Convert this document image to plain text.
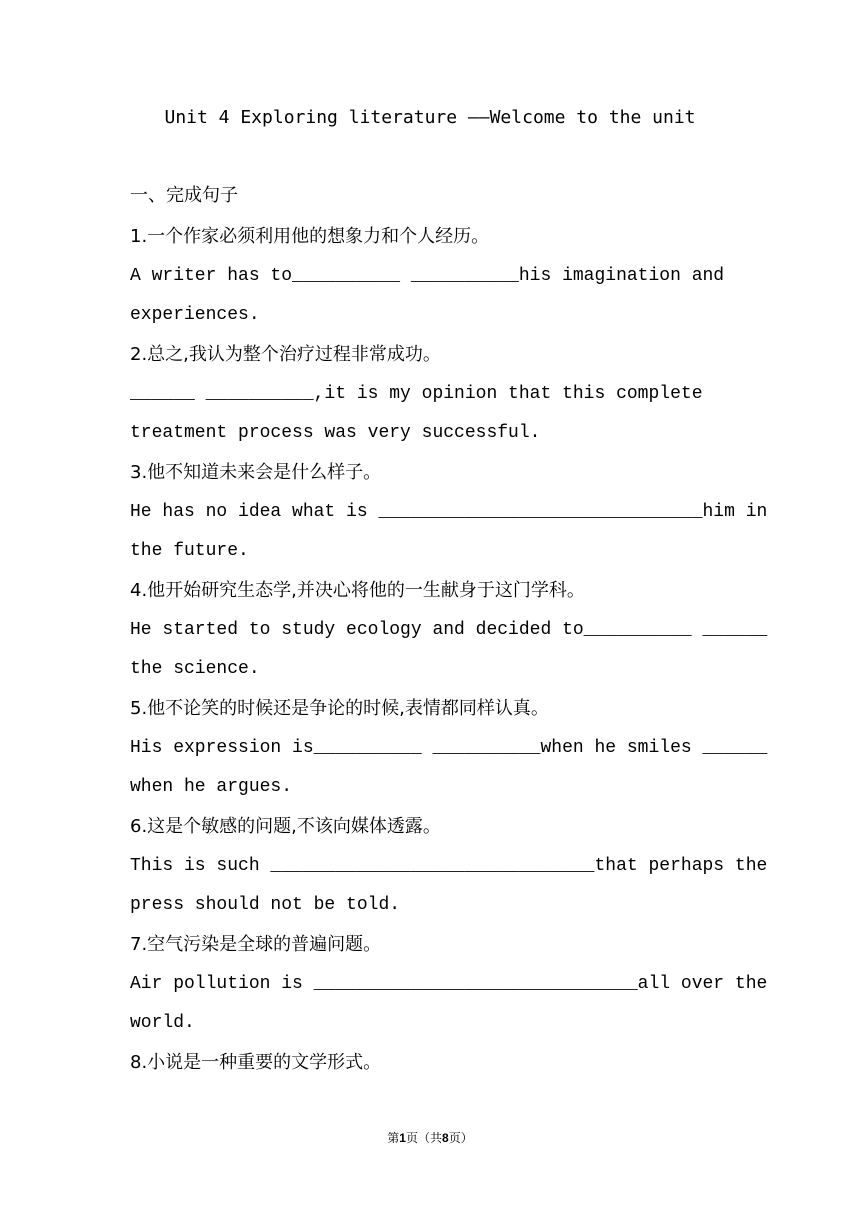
Unit 4 Exploring literature ——Welcome to the unit
一、完成句子
1.一个作家必须利用他的想象力和个人经历。
A writer has to__________ __________his imagination and
experiences.
2.总之,我认为整个治疗过程非常成功。
______ __________,it is my opinion that this complete
treatment process was very successful.
3.他不知道未来会是什么样子。
He has no idea what is ______________________________him in
the future.
4.他开始研究生态学,并决心将他的一生献身于这门学科。
He started to study ecology and decided to__________ ______
the science.
5.他不论笑的时候还是争论的时候,表情都同样认真。
His expression is__________ __________when he smiles ______
when he argues.
6.这是个敏感的问题,不该向媒体透露。
This is such ______________________________that perhaps the
press should not be told.
7.空气污染是全球的普遍问题。
Air pollution is ______________________________all over the
world.
8.小说是一种重要的文学形式。
第1页（共8页）
